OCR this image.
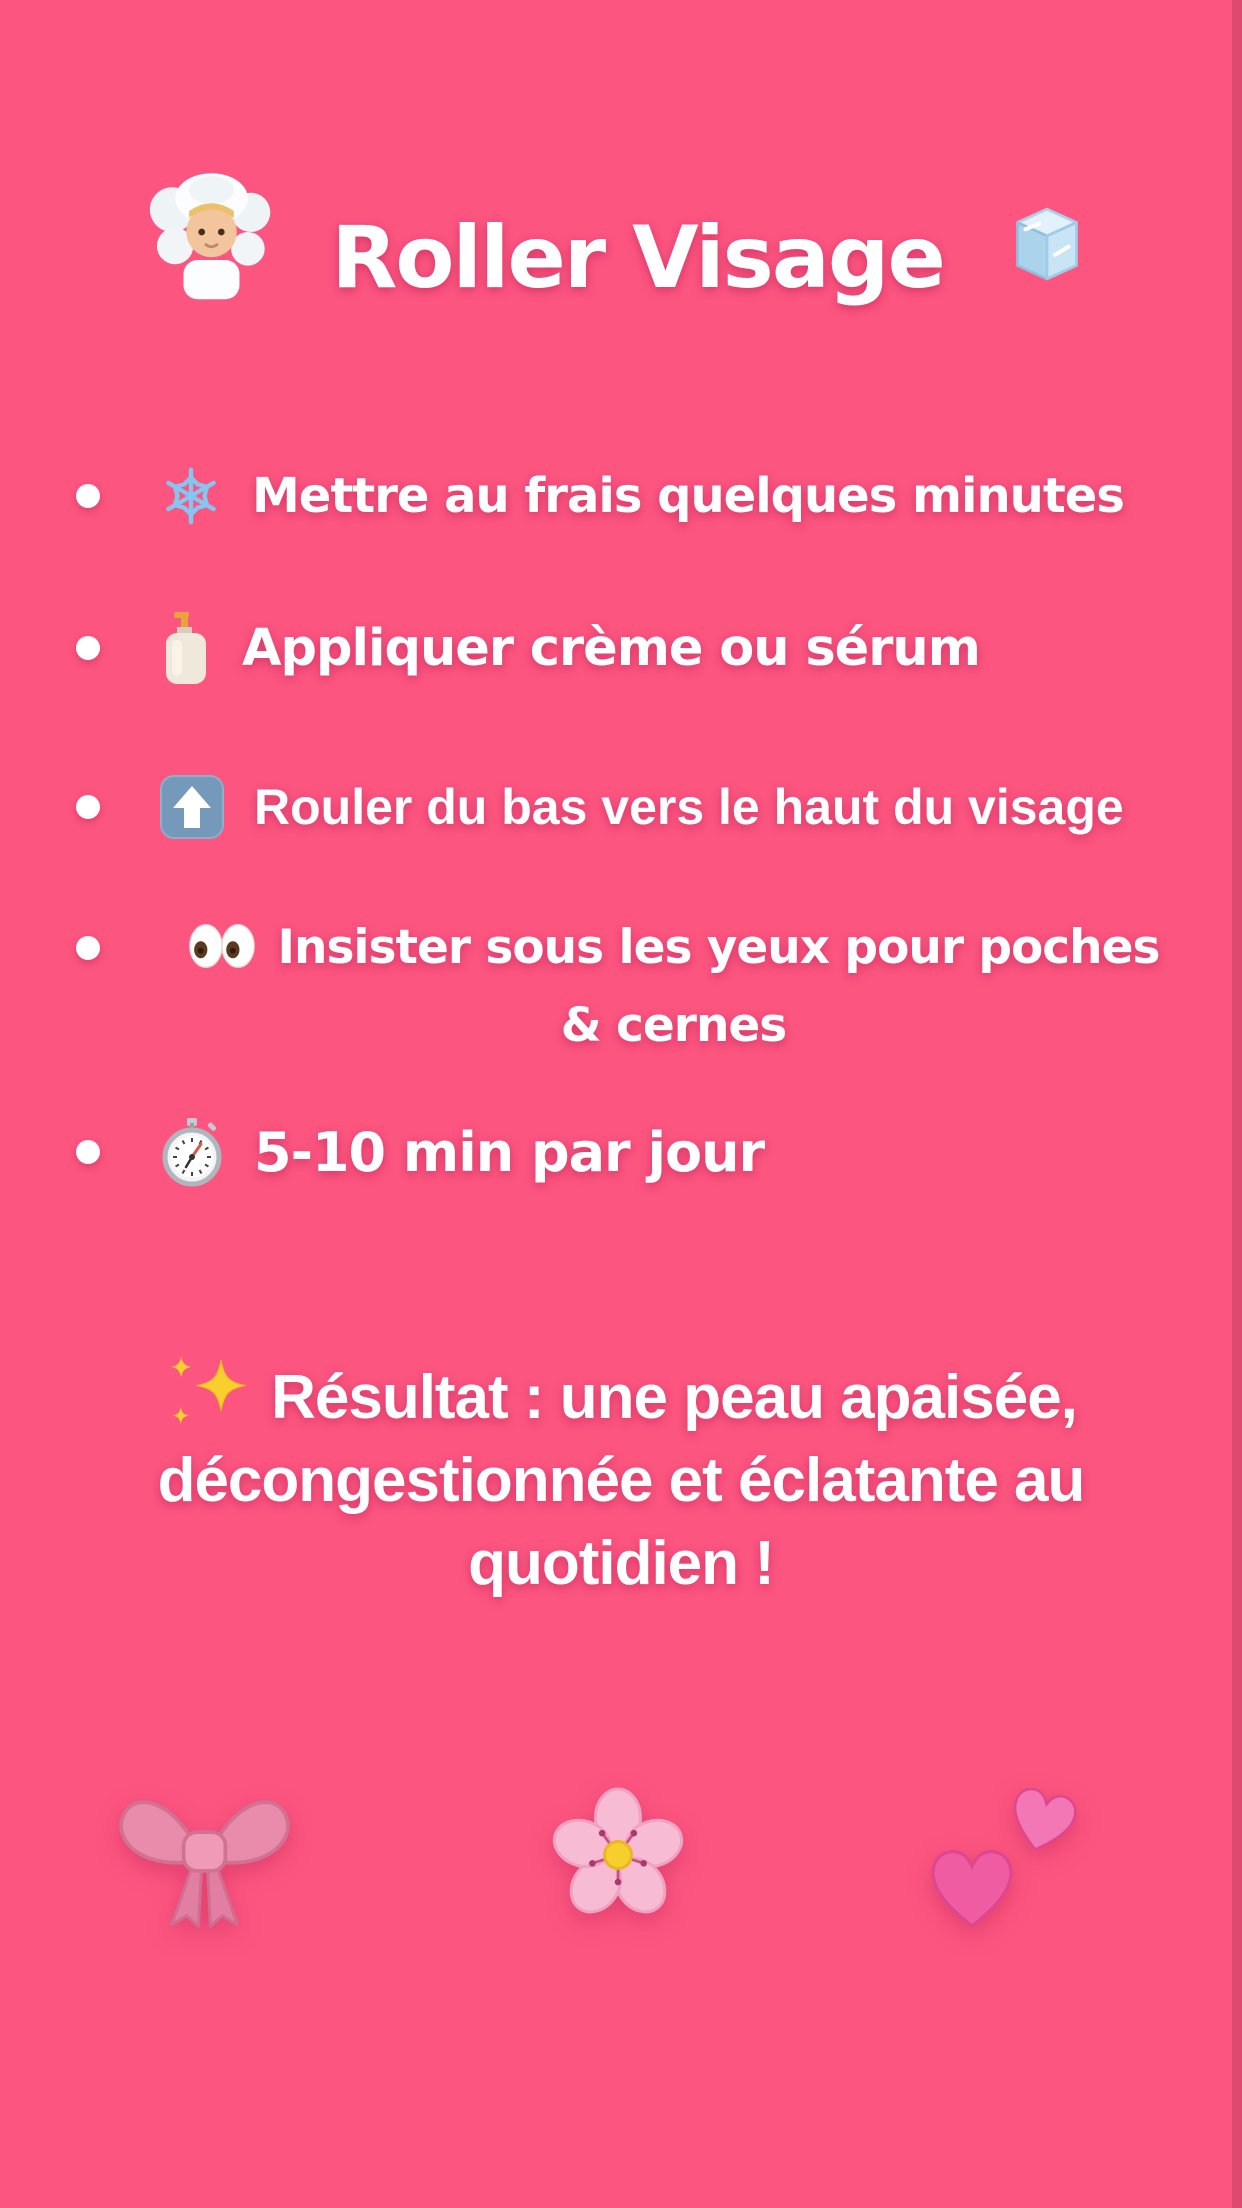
Roller Visage
Mettre au frais quelques minutes
Appliquer crème ou sérum
Rouler du bas vers le haut du visage
Insister sous les yeux pour poches
& cernes
5-10 min par jour
Résultat : une peau apaisée,
décongestionnée et éclatante au
quotidien !
